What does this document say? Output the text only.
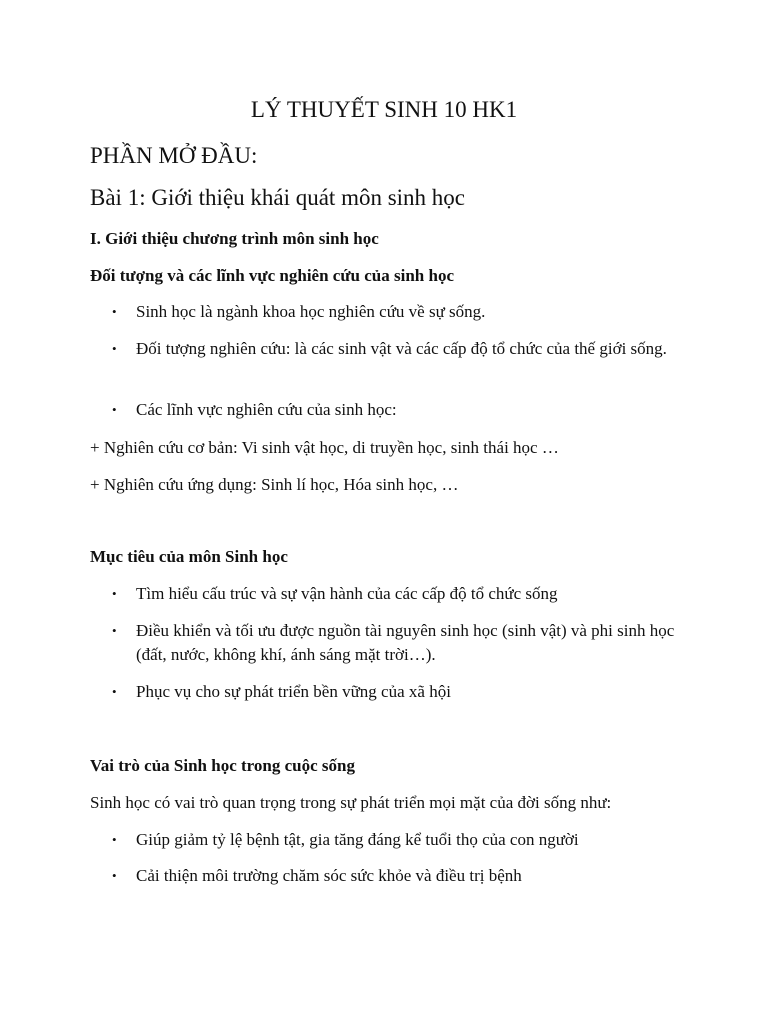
LÝ THUYẾT SINH 10 HK1
PHẦN MỞ ĐẦU:
Bài 1: Giới thiệu khái quát môn sinh học
I. Giới thiệu chương trình môn sinh học
Đối tượng và các lĩnh vực nghiên cứu của sinh học
• Sinh học là ngành khoa học nghiên cứu về sự sống.
• Đối tượng nghiên cứu: là các sinh vật và các cấp độ tổ chức của thế giới sống.
• Các lĩnh vực nghiên cứu của sinh học:

+ Nghiên cứu cơ bản: Vi sinh vật học, di truyền học, sinh thái học …

+ Nghiên cứu ứng dụng: Sinh lí học, Hóa sinh học, …

Mục tiêu của môn Sinh học
• Tìm hiểu cấu trúc và sự vận hành của các cấp độ tổ chức sống
• Điều khiển và tối ưu được nguồn tài nguyên sinh học (sinh vật) và phi sinh học (đất, nước, không khí, ánh sáng mặt trời…).
• Phục vụ cho sự phát triển bền vững của xã hội
Vai trò của Sinh học trong cuộc sống

Sinh học có vai trò quan trọng trong sự phát triển mọi mặt của đời sống như:

• Giúp giảm tỷ lệ bệnh tật, gia tăng đáng kể tuổi thọ của con người
• Cải thiện môi trường chăm sóc sức khỏe và điều trị bệnh
